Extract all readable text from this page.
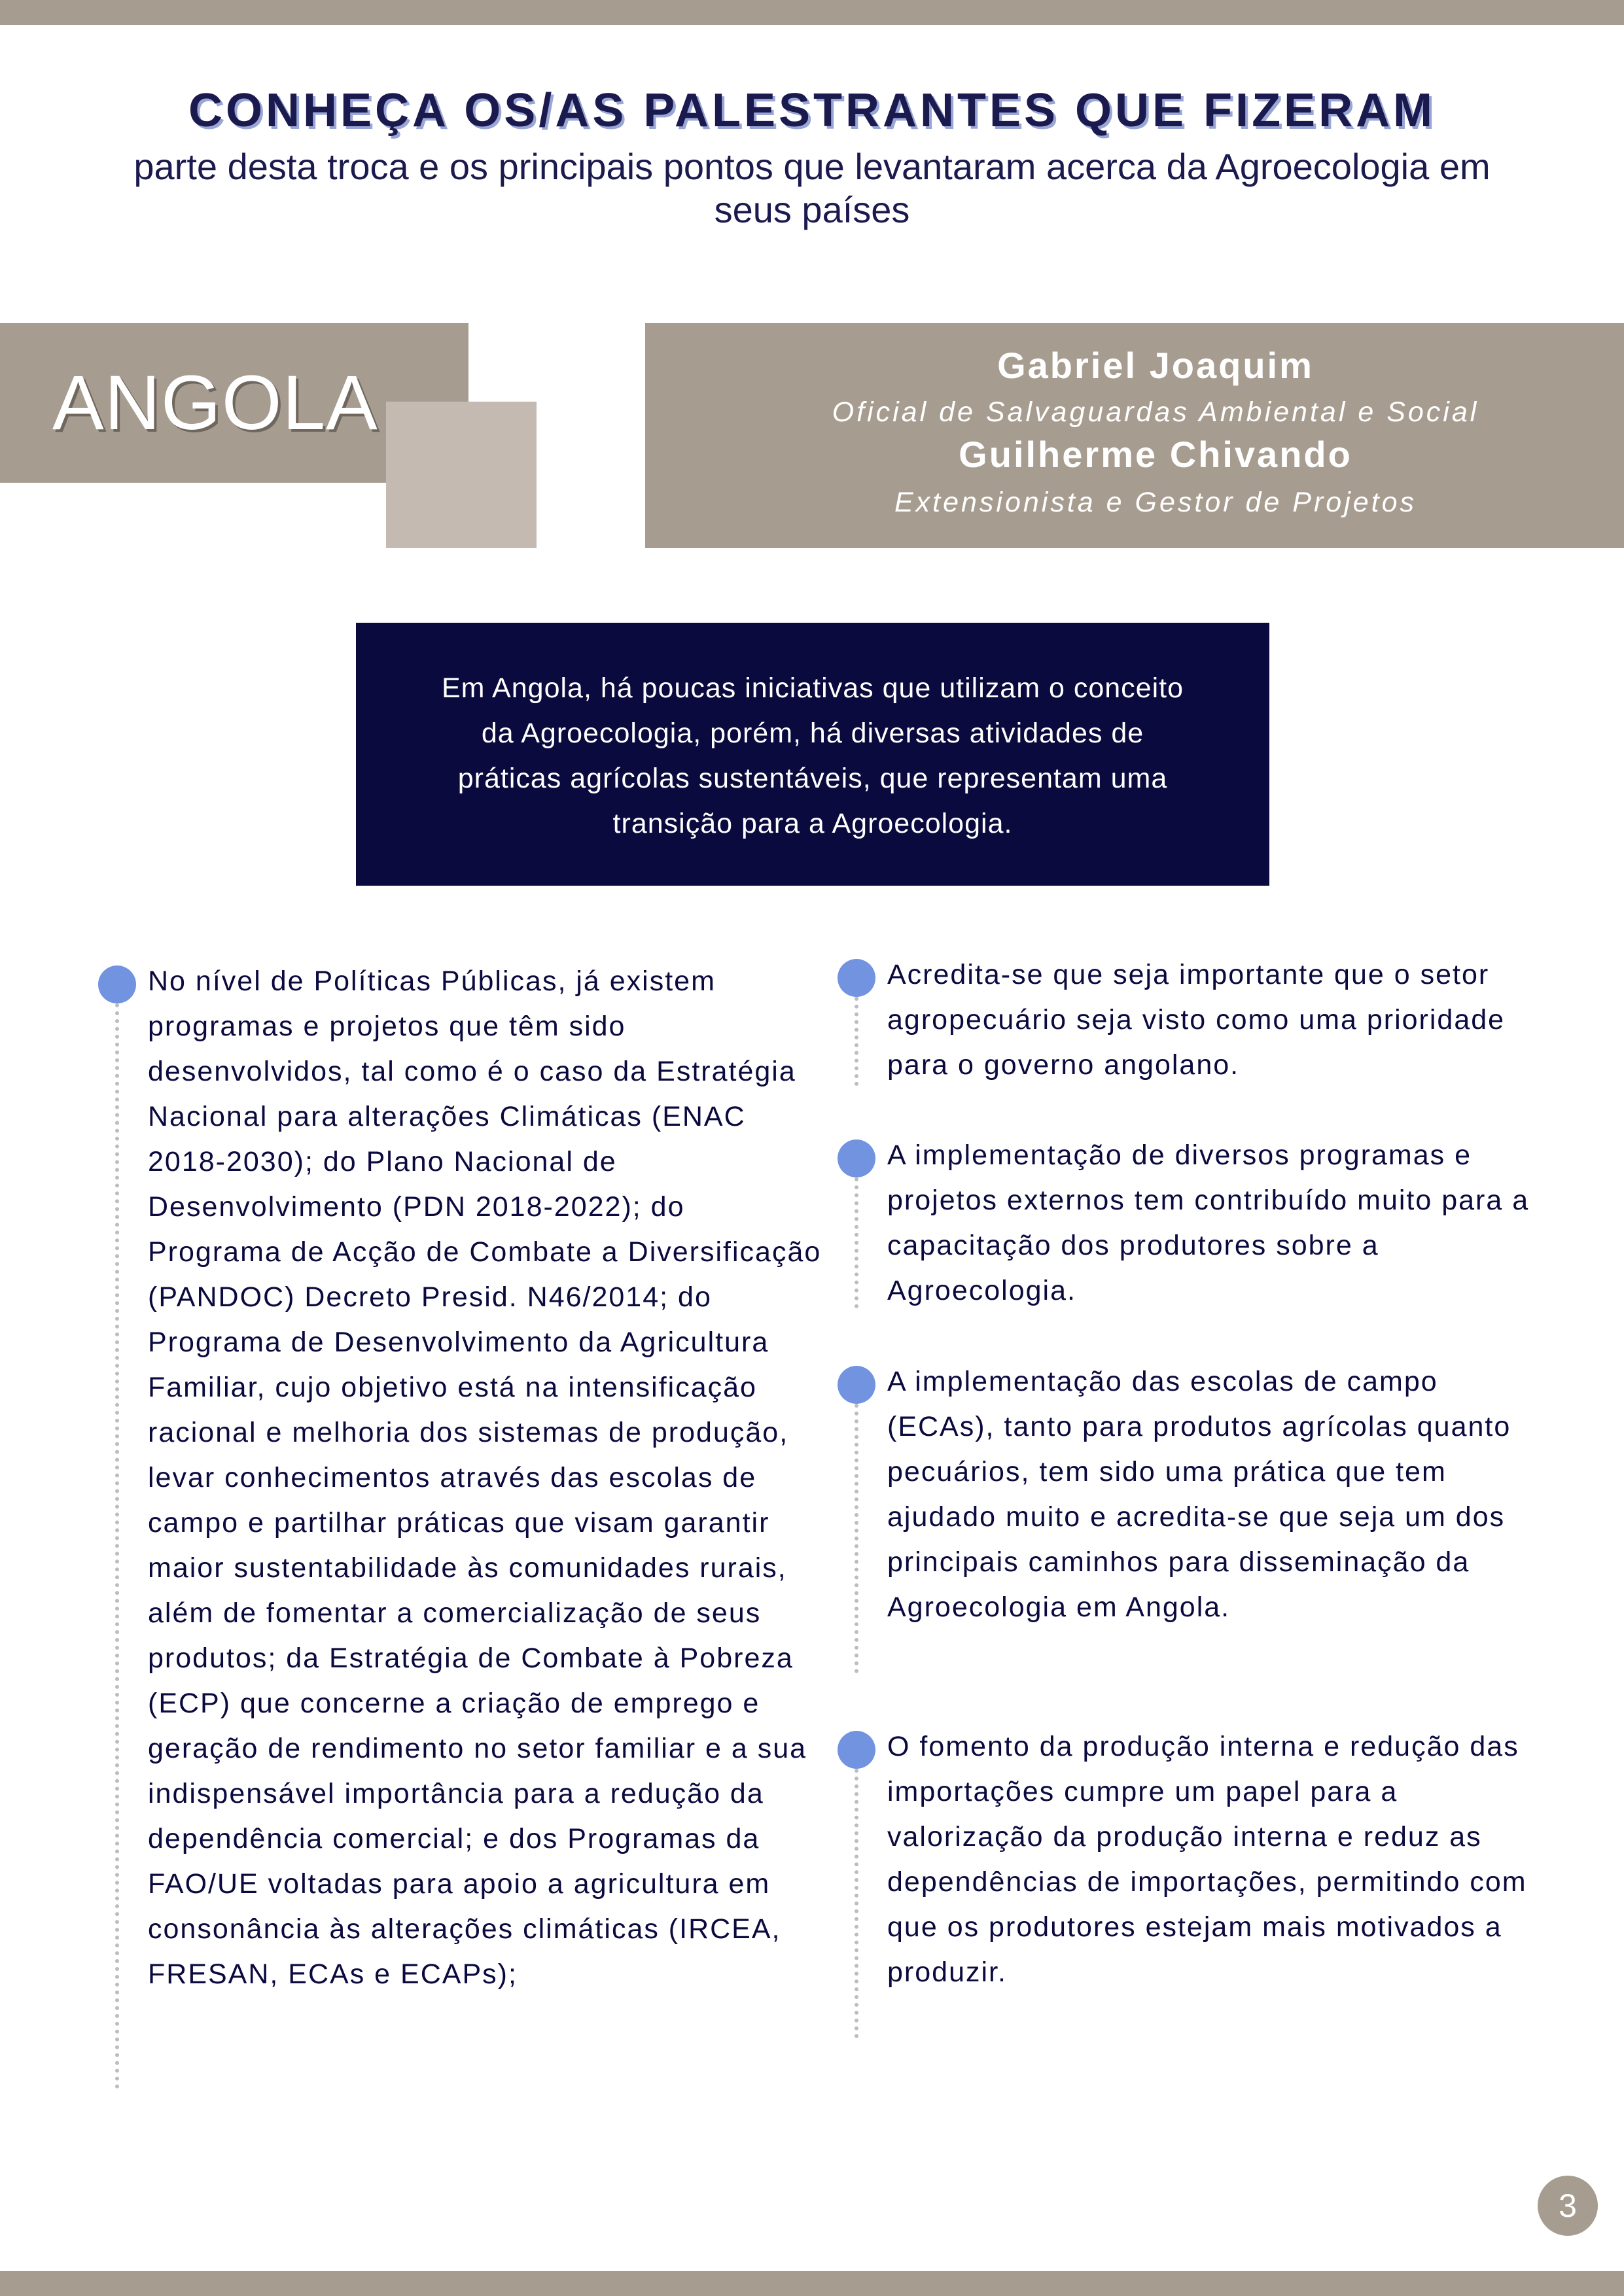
CONHEÇA OS/AS PALESTRANTES QUE FIZERAM
parte desta troca e os principais pontos que levantaram acerca da Agroecologia em seus países
ANGOLA	Gabriel Joaquim
Oficial de Salvaguardas Ambiental e Social
Guilherme Chivando
Extensionista e Gestor de Projetos
Em Angola, há poucas iniciativas que utilizam o conceito da Agroecologia, porém, há diversas atividades de práticas agrícolas sustentáveis, que representam uma transição para a Agroecologia.
No nível de Políticas Públicas, já existem programas e projetos que têm sido desenvolvidos, tal como é o caso da Estratégia Nacional para alterações Climáticas (ENAC 2018-2030); do Plano Nacional de Desenvolvimento (PDN 2018-2022); do Programa de Acção de Combate a Diversificação (PANDOC) Decreto Presid. N46/2014; do Programa de Desenvolvimento da Agricultura Familiar, cujo objetivo está na intensificação racional e melhoria dos sistemas de produção, levar conhecimentos através das escolas de campo e partilhar práticas que visam garantir maior sustentabilidade às comunidades rurais, além de fomentar a comercialização de seus produtos; da Estratégia de Combate à Pobreza (ECP) que concerne a criação de emprego e geração de rendimento no setor familiar e a sua indispensável importância para a redução da dependência comercial; e dos Programas da FAO/UE voltadas para apoio a agricultura em consonância às alterações climáticas (IRCEA, FRESAN, ECAs e ECAPs);
Acredita-se que seja importante que o setor agropecuário seja visto como uma prioridade para o governo angolano.
A implementação de diversos programas e projetos externos tem contribuído muito para a capacitação dos produtores sobre a Agroecologia.
A implementação das escolas de campo (ECAs), tanto para produtos agrícolas quanto pecuários, tem sido uma prática que tem ajudado muito e acredita-se que seja um dos principais caminhos para disseminação da Agroecologia em Angola.
O fomento da produção interna e redução das importações cumpre um papel para a valorização da produção interna e reduz as dependências de importações, permitindo com que os produtores estejam mais motivados a produzir.
3
